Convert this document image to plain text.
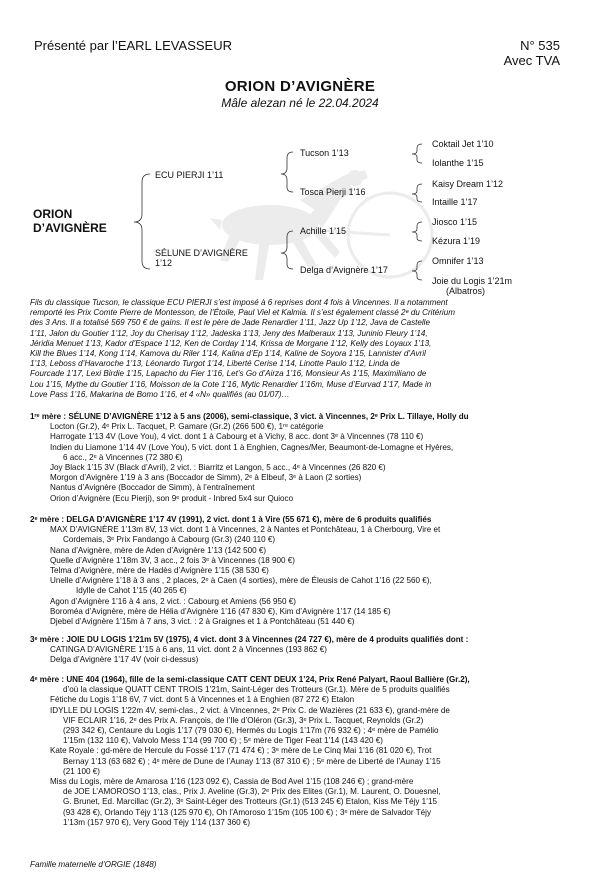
Présenté par l’EARL LEVASSEUR	N° 535
Avec TVA
ORION D’AVIGNÈRE
Mâle alezan né le 22.04.2024
ORION
D’AVIGNÈRE
ECU PIERJI 1’11
SÉLUNE D’AVIGNÈRE
1’12
Tucson 1’13
Tosca Pierji 1’16
Achille 1’15
Delga d’Avignère 1’17
Coktail Jet 1’10
Iolanthe 1’15
Kaisy Dream 1’12
Intaille 1’17
Jiosco 1’15
Kézura 1’19
Omnifer 1’13
Joie du Logis 1’21m
(Albatros)
Fils du classique Tucson, le classique ECU PIERJI s’est imposé à 6 reprises dont 4 fois à Vincennes. Il a notamment
remporté les Prix Comte Pierre de Montesson, de l’Étoile, Paul Viel et Kalmia. Il s’est également classé 2ᵉ du Critérium
des 3 Ans. Il a totalisé 569 750 € de gains. Il est le père de Jade Renardier 1’11, Jazz Up 1’12, Java de Castelle
1’11, Jalon du Goutier 1’12, Joy du Cherisay 1’12, Jadeska 1’13, Jeny des Malberaux 1’13, Juninio Fleury 1’14,
Jéridia Menuet 1’13, Kador d’Espace 1’12, Ken de Corday 1’14, Krissa de Morgane 1’12, Kelly des Loyaux 1’13,
Kill the Blues 1’14, Kong 1’14, Kamova du Riler 1’14, Kalina d’Ep 1’14, Kaline de Soyora 1’15, Lannister d’Avril
1’13, Leboss d’Havaroche 1’13, Léonardo Turgot 1’14, Liberté Cerise 1’14, Linotte Paulo 1’12, Linda de
Fourcade 1’17, Lexi Birdie 1’15, Lapacho du Fier 1’16, Let’s Go d’Airza 1’16, Monsieur As 1’15, Maximiliano de
Lou 1’15, Mythe du Goutier 1’16, Moisson de la Cote 1’16, Mytic Renardier 1’16m, Muse d’Eurvad 1’17, Made in
Love Pass 1’16, Makarina de Bomo 1’16, et 4 «N» qualifiés (au 01/07)…
1ʳᵉ mère : SÉLUNE D’AVIGNÈRE 1’12 à 5 ans (2006), semi-classique, 3 vict. à Vincennes, 2ᵉ Prix L. Tillaye, Holly du
Locton (Gr.2), 4ᵉ Prix L. Tacquet, P. Gamare (Gr.2) (266 500 €), 1ʳᵉ catégorie
Harrogate 1’13 4V (Love You), 4 vict. dont 1 à Cabourg et à Vichy, 8 acc. dont 3ᵉ à Vincennes (78 110 €)
Indien du Liamone 1’14 4V (Love You), 5 vict. dont 1 à Enghien, Cagnes/Mer, Beaumont-de-Lomagne et Hyères,
6 acc., 2ᵉ à Vincennes (72 380 €)
Joy Black 1’15 3V (Black d’Avril), 2 vict. : Biarritz et Langon, 5 acc., 4ᵉ à Vincennes (26 820 €)
Morgon d’Avignère 1’19 à 3 ans (Boccador de Simm), 2ᵉ à Elbeuf, 3ᵉ à Laon (2 sorties)
Nantus d’Avignère (Boccador de Simm), à l’entraînement
Orion d’Avignère (Ecu Pierji), son 9ᵉ produit - Inbred 5x4 sur Quioco
2ᵉ mère : DELGA D’AVIGNÈRE 1’17 4V (1991), 2 vict. dont 1 à Vire (55 671 €), mère de 6 produits qualifiés
MAX D’AVIGNÈRE 1’13m 8V, 13 vict. dont 1 à Vincennes, 2 à Nantes et Pontchâteau, 1 à Cherbourg, Vire et
Cordemais, 3ᵉ Prix Fandango à Cabourg (Gr.3) (240 110 €)
Nana d’Avignère, mère de Aden d’Avignère 1’13 (142 500 €)
Quelle d’Avignère 1’18m 3V, 3 acc., 2 fois 3ᵉ à Vincennes (18 900 €)
Telma d’Avignère, mère de Hadès d’Avignère 1’15 (38 530 €)
Unelle d’Avignère 1’18 à 3 ans , 2 places, 2ᵉ à Caen (4 sorties), mère de Éleusis de Cahot 1’16 (22 560 €),
Idylle de Cahot 1’15 (40 265 €)
Agon d’Avignère 1’16 à 4 ans, 2 vict. : Cabourg et Amiens (56 950 €)
Boroméa d’Avignère, mère de Hélia d’Avignère 1’16 (47 830 €), Kim d’Avignère 1’17 (14 185 €)
Djebel d’Avignère 1’15m à 7 ans, 3 vict. : 2 à Graignes et 1 à Pontchâteau (51 440 €)
3ᵉ mère : JOIE DU LOGIS 1’21m 5V (1975), 4 vict. dont 3 à Vincennes (24 727 €), mère de 4 produits qualifiés dont :
CATINGA D’AVIGNÈRE 1’15 à 6 ans, 11 vict. dont 2 à Vincennes (193 862 €)
Delga d’Avignère 1’17 4V (voir ci-dessus)
4ᵉ mère : UNE 404 (1964), fille de la semi-classique CATT CENT DEUX 1’24, Prix René Palyart, Raoul Ballière (Gr.2),
d’où la classique QUATT CENT TROIS 1’21m, Saint-Léger des Trotteurs (Gr.1). Mère de 5 produits qualifiés
Fétiche du Logis 1’18 6V, 7 vict. dont 5 à Vincennes et 1 à Enghien (87 272 €) Etalon
IDYLLE DU LOGIS 1’22m 4V, semi-clas., 2 vict. à Vincennes, 2ᵉ Prix C. de Wazières (21 633 €), grand-mère de
VIF ECLAIR 1’16, 2ᵉ des Prix A. François, de l’Ile d’Oléron (Gr.3), 3ᵉ Prix L. Tacquet, Reynolds (Gr.2)
(293 342 €), Centaure du Logis 1’17 (79 030 €), Hermès du Logis 1’17m (76 932 €) ; 4ᵉ mère de Pamélio
1’15m (132 110 €), Valvolo Mess 1’14 (99 700 €) ; 5ᵉ mère de Tiger Feat 1’14 (143 420 €)
Kate Royale : gd-mère de Hercule du Fossé 1’17 (71 474 €) ; 3ᵉ mère de Le Cinq Mai 1’16 (81 020 €), Trot
Bernay 1’13 (63 682 €) ; 4ᵉ mère de Dune de l’Aunay 1’13 (87 310 €) ; 5ᵉ mère de Liberté de l’Aunay 1’15
(21 100 €)
Miss du Logis, mère de Amarosa 1’16 (123 092 €), Cassia de Bod Avel 1’15 (108 246 €) ; grand-mère
de JOE L’AMOROSO 1’13, clas., Prix J. Aveline (Gr.3), 2ᵉ Prix des Elites (Gr.1), M. Laurent, O. Douesnel,
G. Brunet, Ed. Marcillac (Gr.2), 3ᵉ Saint-Léger des Trotteurs (Gr.1) (513 245 €) Etalon, Kiss Me Téjy 1’15
(93 428 €), Orlando Téjy 1’13 (125 970 €), Oh l’Amoroso 1’15m (105 100 €) ; 3ᵉ mère de Salvador Téjy
1’13m (157 970 €), Very Good Téjy 1’14 (137 360 €)
Famille maternelle d’ORGIE (1848)
